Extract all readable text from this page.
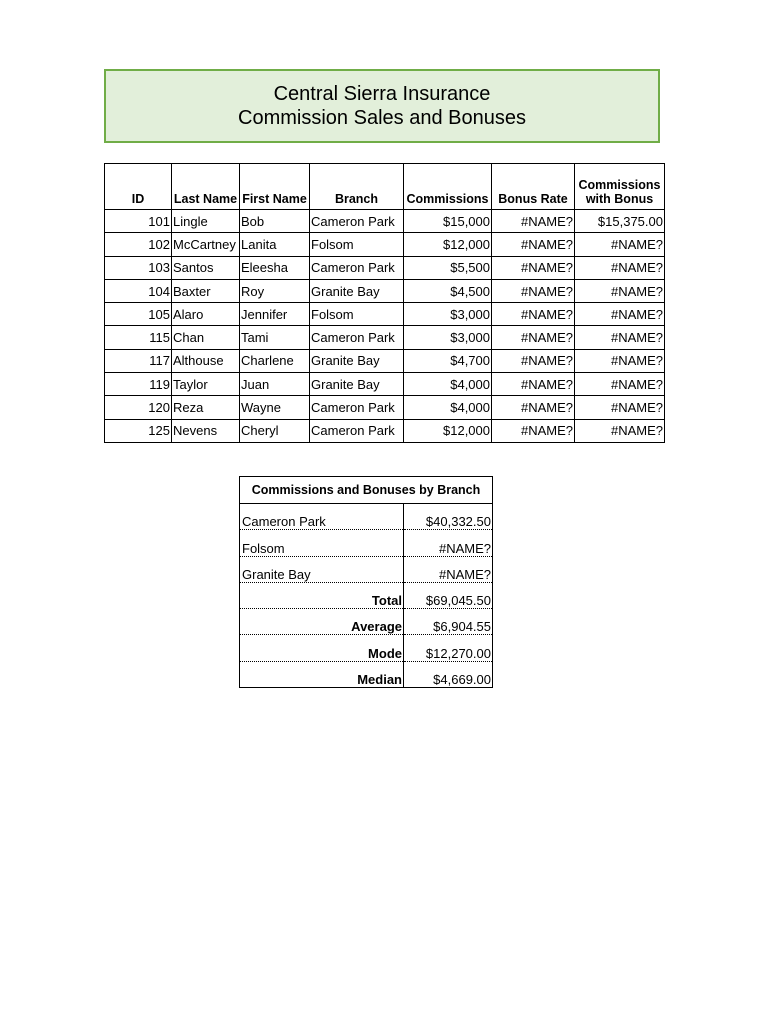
Central Sierra Insurance
Commission Sales and Bonuses
ID	Last Name	First Name	Branch	Commissions	Bonus Rate	Commissions
with Bonus
101	Lingle	Bob	Cameron Park	$15,000	#NAME?	$15,375.00
102	McCartney	Lanita	Folsom	$12,000	#NAME?	#NAME?
103	Santos	Eleesha	Cameron Park	$5,500	#NAME?	#NAME?
104	Baxter	Roy	Granite Bay	$4,500	#NAME?	#NAME?
105	Alaro	Jennifer	Folsom	$3,000	#NAME?	#NAME?
115	Chan	Tami	Cameron Park	$3,000	#NAME?	#NAME?
117	Althouse	Charlene	Granite Bay	$4,700	#NAME?	#NAME?
119	Taylor	Juan	Granite Bay	$4,000	#NAME?	#NAME?
120	Reza	Wayne	Cameron Park	$4,000	#NAME?	#NAME?
125	Nevens	Cheryl	Cameron Park	$12,000	#NAME?	#NAME?
Commissions and Bonuses by Branch	
Cameron Park	$40,332.50
Folsom	#NAME?
Granite Bay	#NAME?
Total	$69,045.50
Average	$6,904.55
Mode	$12,270.00
Median	$4,669.00
